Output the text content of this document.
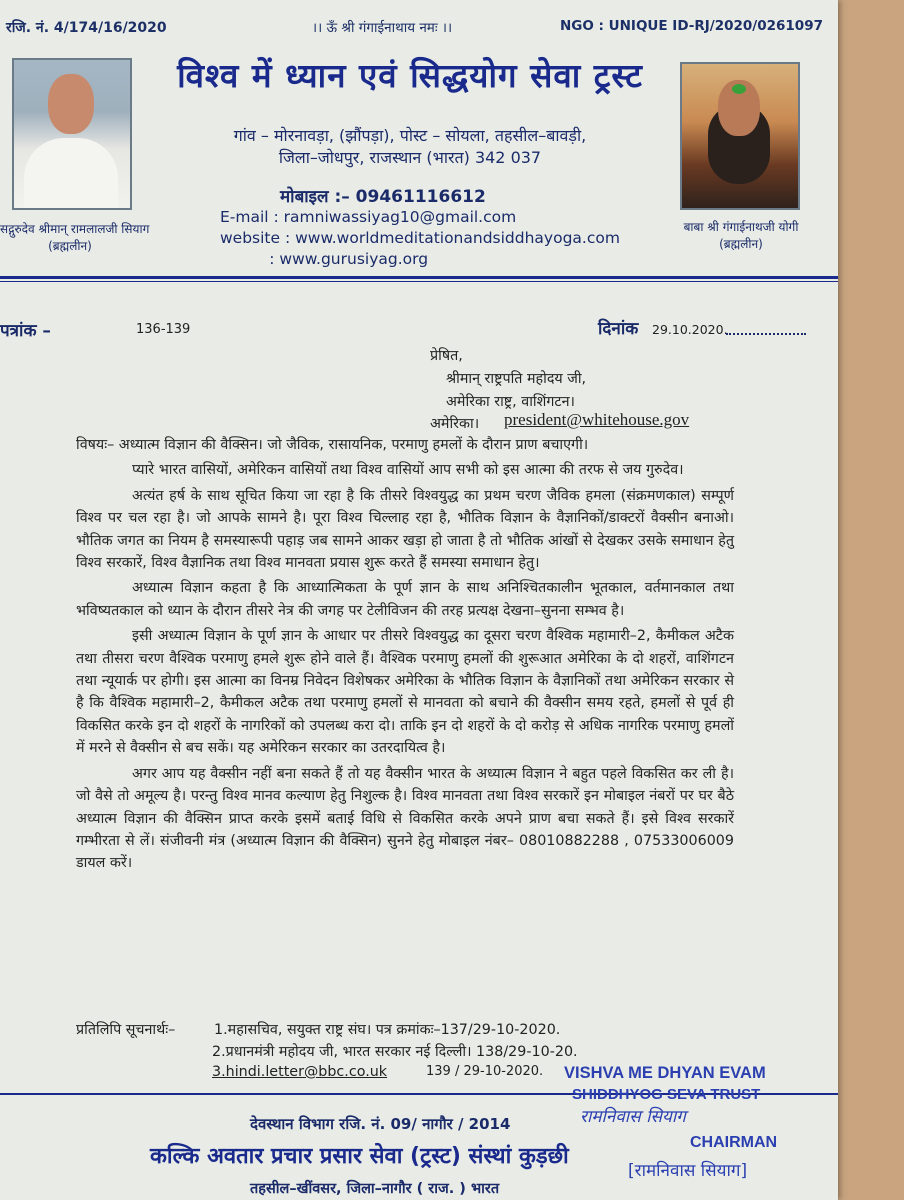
रजि. नं. 4/174/16/2020	।। ऊँ श्री गंगाईनाथाय नमः ।।	NGO : UNIQUE ID-RJ/2020/0261097
सद्गुरुदेव श्रीमान् रामलालजी सियाग
(ब्रह्मलीन)
बाबा श्री गंगाईनाथजी योगी
(ब्रह्मलीन)
विश्व में ध्यान एवं सिद्धयोग सेवा ट्रस्ट
गांव – मोरनावड़ा, (झौंपड़ा), पोस्ट – सोयला, तहसील–बावड़ी,
जिला–जोधपुर, राजस्थान (भारत) 342 037
मोबाइल :– 09461116612
E-mail : ramniwassiyag10@gmail.com
website : www.worldmeditationandsiddhayoga.com
: www.gurusiyag.org
पत्रांक –	136-139	दिनांक 29.10.2020.
प्रेषित,
श्रीमान् राष्ट्रपति महोदय जी,
अमेरिका राष्ट्र, वाशिंगटन।
अमेरिका। president@whitehouse.gov

विषयः– अध्यात्म विज्ञान की वैक्सिन। जो जैविक, रासायनिक, परमाणु हमलों के दौरान प्राण बचाएगी।

प्यारे भारत वासियों, अमेरिकन वासियों तथा विश्व वासियों आप सभी को इस आत्मा की तरफ से जय गुरुदेव।

अत्यंत हर्ष के साथ सूचित किया जा रहा है कि तीसरे विश्वयुद्ध का प्रथम चरण जैविक हमला (संक्रमणकाल) सम्पूर्ण विश्व पर चल रहा है। जो आपके सामने है। पूरा विश्व चिल्लाह रहा है, भौतिक विज्ञान के वैज्ञानिकों/डाक्टरों वैक्सीन बनाओ। भौतिक जगत का नियम है समस्यारूपी पहाड़ जब सामने आकर खड़ा हो जाता है तो भौतिक आंखों से देखकर उसके समाधान हेतु विश्व सरकारें, विश्व वैज्ञानिक तथा विश्व मानवता प्रयास शुरू करते हैं समस्या समाधान हेतु।

अध्यात्म विज्ञान कहता है कि आध्यात्मिकता के पूर्ण ज्ञान के साथ अनिश्चितकालीन भूतकाल, वर्तमानकाल तथा भविष्यतकाल को ध्यान के दौरान तीसरे नेत्र की जगह पर टेलीविजन की तरह प्रत्यक्ष देखना–सुनना सम्भव है।

इसी अध्यात्म विज्ञान के पूर्ण ज्ञान के आधार पर तीसरे विश्वयुद्ध का दूसरा चरण वैश्विक महामारी–2, कैमीकल अटैक तथा तीसरा चरण वैश्विक परमाणु हमले शुरू होने वाले हैं। वैश्विक परमाणु हमलों की शुरूआत अमेरिका के दो शहरों, वाशिंगटन तथा न्यूयार्क पर होगी। इस आत्मा का विनम्र निवेदन विशेषकर अमेरिका के भौतिक विज्ञान के वैज्ञानिकों तथा अमेरिकन सरकार से है कि वैश्विक महामारी–2, कैमीकल अटैक तथा परमाणु हमलों से मानवता को बचाने की वैक्सीन समय रहते, हमलों से पूर्व ही विकसित करके इन दो शहरों के नागरिकों को उपलब्ध करा दो। ताकि इन दो शहरों के दो करोड़ से अधिक नागरिक परमाणु हमलों में मरने से वैक्सीन से बच सकें। यह अमेरिकन सरकार का उतरदायित्व है।

अगर आप यह वैक्सीन नहीं बना सकते हैं तो यह वैक्सीन भारत के अध्यात्म विज्ञान ने बहुत पहले विकसित कर ली है। जो वैसे तो अमूल्य है। परन्तु विश्व मानव कल्याण हेतु निशुल्क है। विश्व मानवता तथा विश्व सरकारें इन मोबाइल नंबरों पर घर बैठे अध्यात्म विज्ञान की वैक्सिन प्राप्त करके इसमें बताई विधि से विकसित करके अपने प्राण बचा सकते हैं। इसे विश्व सरकारें गम्भीरता से लें। संजीवनी मंत्र (अध्यात्म विज्ञान की वैक्सिन) सुनने हेतु मोबाइल नंबर– 08010882288 , 07533006009 डायल करें।

प्रतिलिपि सूचनार्थः–	1.महासचिव, सयुक्त राष्ट्र संघ। पत्र क्रमांकः–137/29-10-2020.
2.प्रधानमंत्री महोदय जी, भारत सरकार नई दिल्ली। 138/29-10-20.
3.hindi.letter@bbc.co.uk	139 / 29-10-2020. VISHVA ME DHYAN EVAM
SHIDDHYOG SEVA TRUST
रामनिवास सियाग
CHAIRMAN
[रामनिवास सियाग]
देवस्थान विभाग रजि. नं. 09/ नागौर / 2014
कल्कि अवतार प्रचार प्रसार सेवा (ट्रस्ट) संस्थां कुड़छी
तहसील–खींवसर, जिला–नागौर ( राज. ) भारत
